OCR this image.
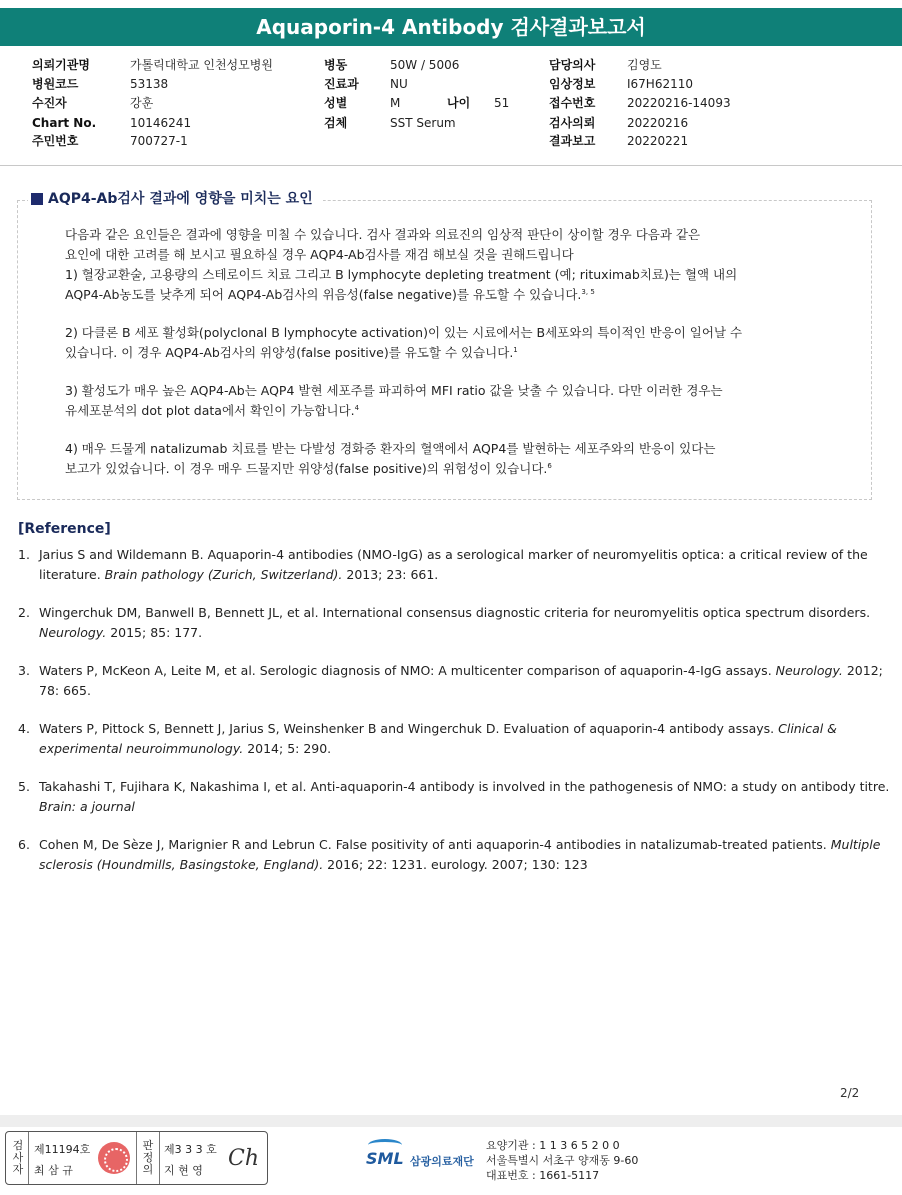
Aquaporin-4 Antibody 검사결과보고서
의뢰기관명	가톨릭대학교 인천성모병원	병동	50W / 5006	담당의사	김영도
병원코드	53138	진료과	NU	임상정보	I67H62110
수진자	강훈	성별	M	나이 51	접수번호	20220216-14093
Chart No.	10146241	검체	SST Serum	검사의뢰	20220216
주민번호	700727-1	결과보고	20220221
AQP4-Ab검사 결과에 영향을 미치는 요인

다음과 같은 요인들은 결과에 영향을 미칠 수 있습니다. 검사 결과와 의료진의 임상적 판단이 상이할 경우 다음과 같은

요인에 대한 고려를 해 보시고 필요하실 경우 AQP4-Ab검사를 재검 해보실 것을 권해드립니다

1) 혈장교환술, 고용량의 스테로이드 치료 그리고 B lymphocyte depleting treatment (예; rituximab치료)는 혈액 내의

AQP4-Ab농도를 낮추게 되어 AQP4-Ab검사의 위음성(false negative)를 유도할 수 있습니다.$^{3, 5}$

2) 다클론 B 세포 활성화(polyclonal B lymphocyte activation)이 있는 시료에서는 B세포와의 특이적인 반응이 일어날 수

있습니다. 이 경우 AQP4-Ab검사의 위양성(false positive)를 유도할 수 있습니다.$^1$

3) 활성도가 매우 높은 AQP4-Ab는 AQP4 발현 세포주를 파괴하여 MFI ratio 값을 낮출 수 있습니다. 다만 이러한 경우는

유세포분석의 dot plot data에서 확인이 가능합니다.$^4$

4) 매우 드물게 natalizumab 치료를 받는 다발성 경화증 환자의 혈액에서 AQP4를 발현하는 세포주와의 반응이 있다는

보고가 있었습니다. 이 경우 매우 드물지만 위양성(false positive)의 위험성이 있습니다.$^6$

[Reference]
1. Jarius S and Wildemann B. Aquaporin-4 antibodies (NMO-IgG) as a serological marker of neuromyelitis optica: a critical review of the literature. Brain pathology (Zurich, Switzerland). 2013; 23: 661.
2. Wingerchuk DM, Banwell B, Bennett JL, et al. International consensus diagnostic criteria for neuromyelitis optica spectrum disorders. Neurology. 2015; 85: 177.
3. Waters P, McKeon A, Leite M, et al. Serologic diagnosis of NMO: A multicenter comparison of aquaporin-4-IgG assays. Neurology. 2012; 78: 665.
4. Waters P, Pittock S, Bennett J, Jarius S, Weinshenker B and Wingerchuk D. Evaluation of aquaporin-4 antibody assays. Clinical & experimental neuroimmunology. 2014; 5: 290.
5. Takahashi T, Fujihara K, Nakashima I, et al. Anti-aquaporin-4 antibody is involved in the pathogenesis of NMO: a study on antibody titre. Brain: a journal
6. Cohen M, De Sèze J, Marignier R and Lebrun C. False positivity of anti aquaporin-4 antibodies in natalizumab-treated patients. Multiple sclerosis (Houndmills, Basingstoke, England). 2016; 22: 1231. eurology. 2007; 130: 123
2/2
검사자
제11194호
최 삼 규
판정의
제3 3 3 호
지 현 영 Ch	SML 삼광의료재단
요양기관 : 1 1 3 6 5 2 0 0
서울특별시 서초구 양재동 9-60
대표번호 : 1661-5117
